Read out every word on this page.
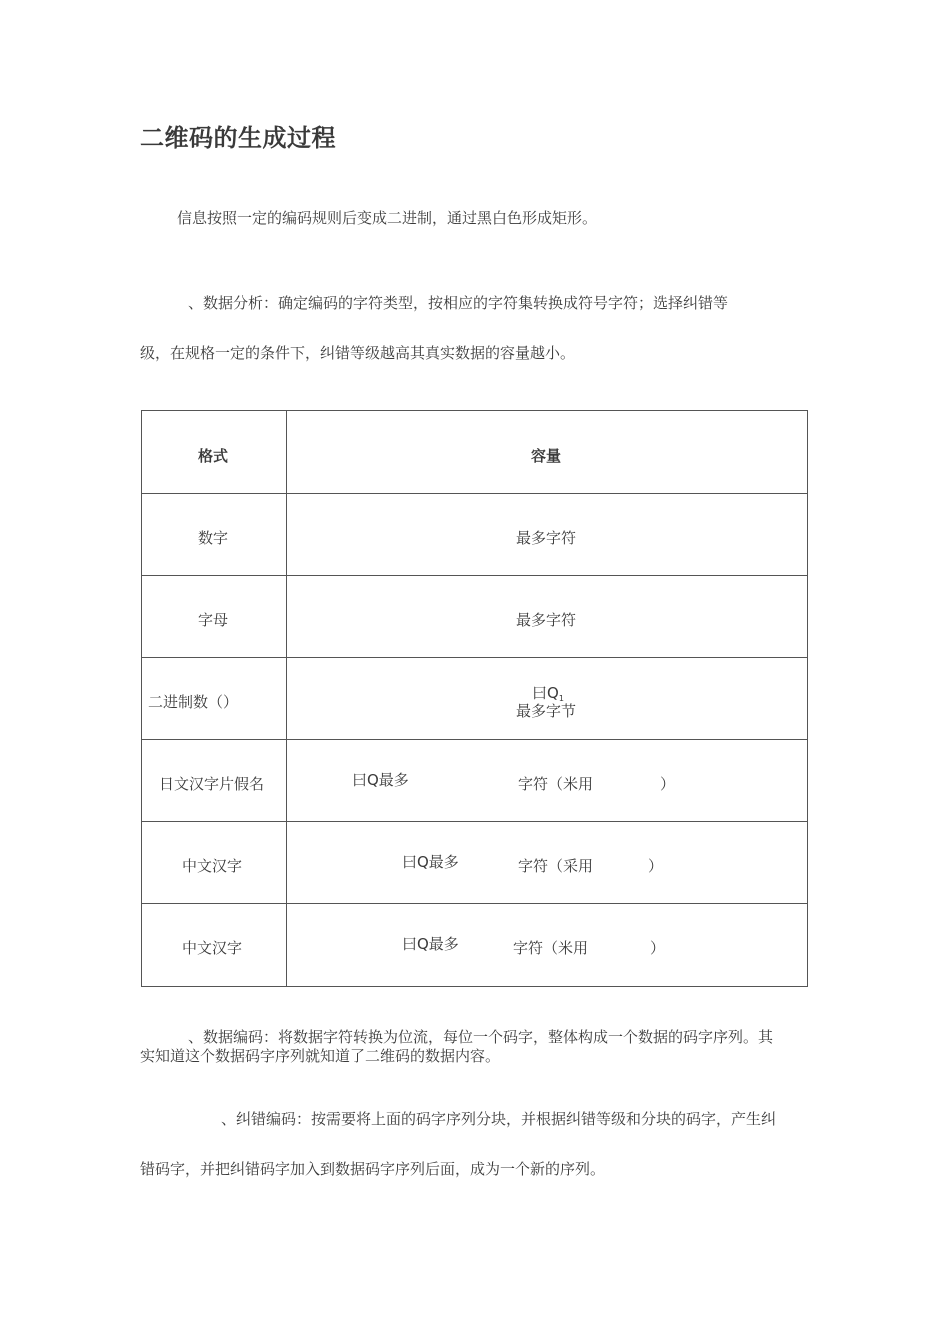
二维码的生成过程
信息按照一定的编码规则后变成二进制，通过黑白色形成矩形。
、数据分析：确定编码的字符类型，按相应的字符集转换成符号字符；选择纠错等
级，在规格一定的条件下，纠错等级越高其真实数据的容量越小。
格式	容量
数字	最多字符
字母	最多字符
二进制数（）	曰Q1
最多字节
日文汉字片假名	曰Q最多	字符（米用	）
中文汉字	曰Q最多	字符（采用	）
中文汉字	曰Q最多	字符（米用	）
、数据编码：将数据字符转换为位流，每位一个码字，整体构成一个数据的码字序列。其
实知道这个数据码字序列就知道了二维码的数据内容。
、纠错编码：按需要将上面的码字序列分块，并根据纠错等级和分块的码字，产生纠
错码字，并把纠错码字加入到数据码字序列后面，成为一个新的序列。
